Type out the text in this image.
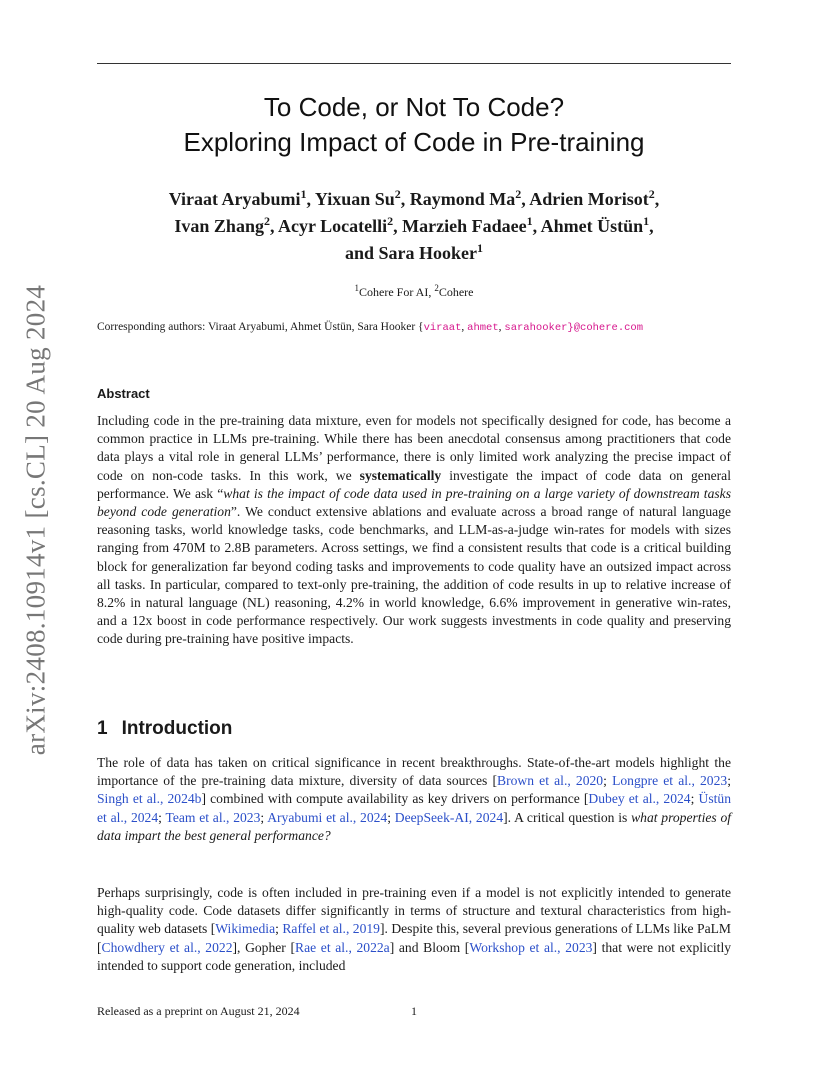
arXiv:2408.10914v1 [cs.CL] 20 Aug 2024
To Code, or Not To Code?
Exploring Impact of Code in Pre-training
Viraat Aryabumi$^1$, Yixuan Su$^2$, Raymond Ma$^2$, Adrien Morisot$^2$,
Ivan Zhang$^2$, Acyr Locatelli$^2$, Marzieh Fadaee$^1$, Ahmet Üstün$^1$,
and Sara Hooker$^1$
$^1$Cohere For AI, $^2$Cohere
Corresponding authors: Viraat Aryabumi, Ahmet Üstün, Sara Hooker {viraat, ahmet, sarahooker}@cohere.com
Abstract
Including code in the pre-training data mixture, even for models not specifically designed for code, has become a common practice in LLMs pre-training. While there has been anecdotal consensus among practitioners that code data plays a vital role in general LLMs’ performance, there is only limited work analyzing the precise impact of code on non-code tasks. In this work, we systematically investigate the impact of code data on general performance. We ask “what is the impact of code data used in pre-training on a large variety of downstream tasks beyond code generation”. We conduct extensive ablations and evaluate across a broad range of natural language reasoning tasks, world knowledge tasks, code benchmarks, and LLM-as-a-judge win-rates for models with sizes ranging from 470M to 2.8B parameters. Across settings, we find a consistent results that code is a critical building block for generalization far beyond coding tasks and improvements to code quality have an outsized impact across all tasks. In particular, compared to text-only pre-training, the addition of code results in up to relative increase of 8.2% in natural language (NL) reasoning, 4.2% in world knowledge, 6.6% improvement in generative win-rates, and a 12x boost in code performance respectively. Our work suggests investments in code quality and preserving code during pre-training have positive impacts.
1 Introduction
The role of data has taken on critical significance in recent breakthroughs. State-of-the-art models highlight the importance of the pre-training data mixture, diversity of data sources [Brown et al., 2020; Longpre et al., 2023; Singh et al., 2024b] combined with compute availability as key drivers on performance [Dubey et al., 2024; Üstün et al., 2024; Team et al., 2023; Aryabumi et al., 2024; DeepSeek-AI, 2024]. A critical question is what properties of data impart the best general performance?
Perhaps surprisingly, code is often included in pre-training even if a model is not explicitly intended to generate high-quality code. Code datasets differ significantly in terms of structure and textural characteristics from high-quality web datasets [Wikimedia; Raffel et al., 2019]. Despite this, several previous generations of LLMs like PaLM [Chowdhery et al., 2022], Gopher [Rae et al., 2022a] and Bloom [Workshop et al., 2023] that were not explicitly intended to support code generation, included
Released as a preprint on August 21, 2024	1
